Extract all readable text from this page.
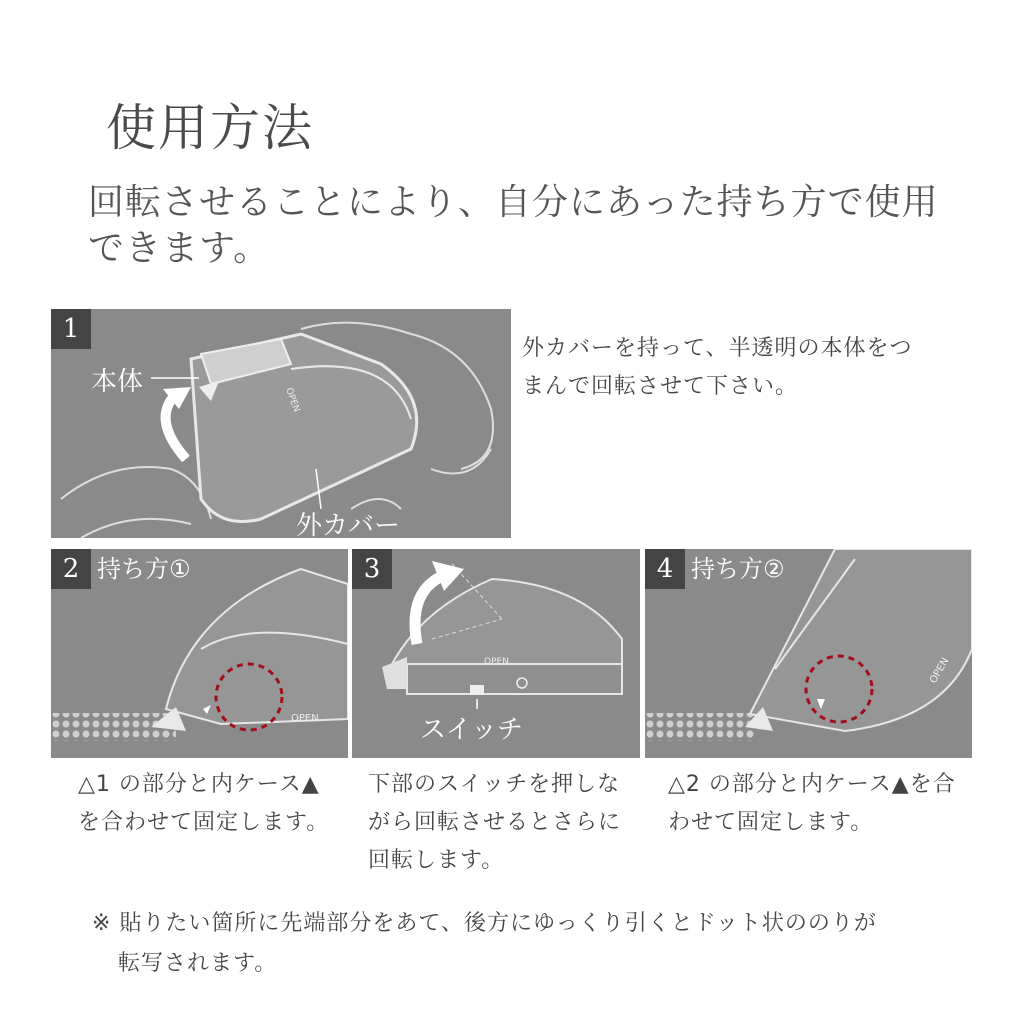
使用方法
回転させることにより、自分にあった持ち方で使用できます。
OPEN
1
本体
外カバー
外カバーを持って、半透明の本体をつまんで回転させて下さい。
OPEN
2 持ち方①
OPEN
3
スイッチ
OPEN
4 持ち方②
△1 の部分と内ケース▲を合わせて固定します。
下部のスイッチを押しながら回転させるとさらに回転します。
△2 の部分と内ケース▲を合わせて固定します。
※ 貼りたい箇所に先端部分をあて、後方にゆっくり引くとドット状ののりが
転写されます。
